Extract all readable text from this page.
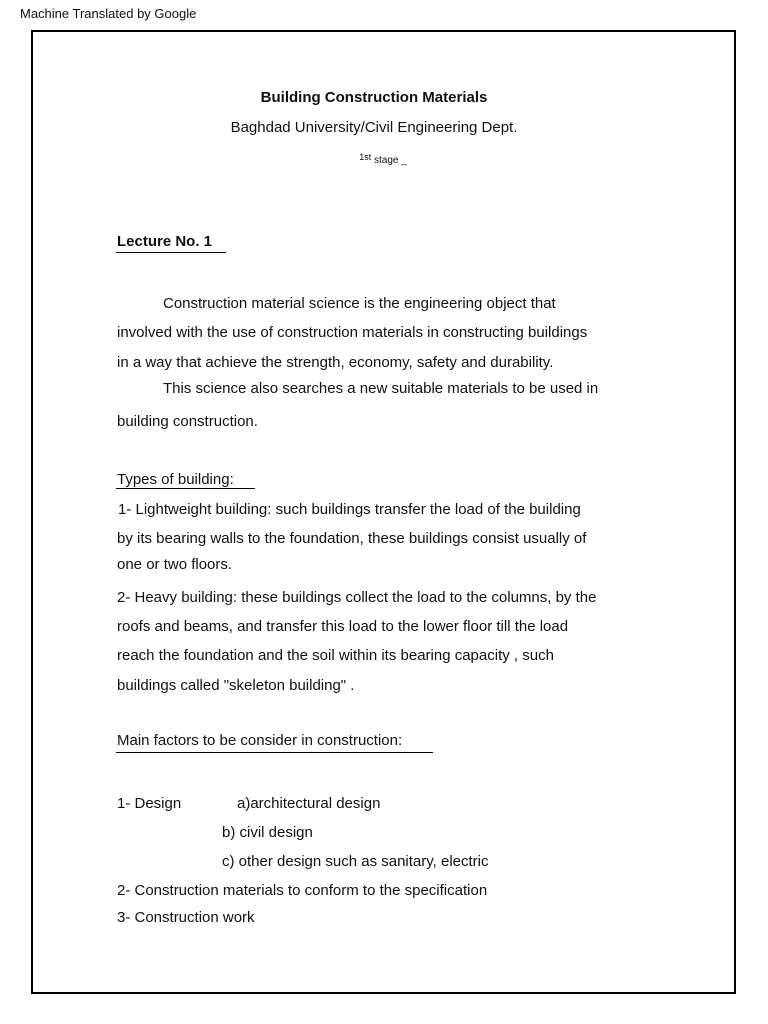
Machine Translated by Google
Building Construction Materials
Baghdad University/Civil Engineering Dept.
$^{1st}$ stage _
Lecture No. 1
Construction material science is the engineering object that
involved with the use of construction materials in constructing buildings
in a way that achieve the strength, economy, safety and durability.
This science also searches a new suitable materials to be used in
building construction.
Types of building:
1- Lightweight building: such buildings transfer the load of the building
by its bearing walls to the foundation, these buildings consist usually of
one or two floors.
2- Heavy building: these buildings collect the load to the columns, by the
roofs and beams, and transfer this load to the lower floor till the load
reach the foundation and the soil within its bearing capacity , such
buildings called "skeleton building" .
Main factors to be consider in construction:
1- Design	a)architectural design
b) civil design
c) other design such as sanitary, electric
2- Construction materials to conform to the specification
3- Construction work
